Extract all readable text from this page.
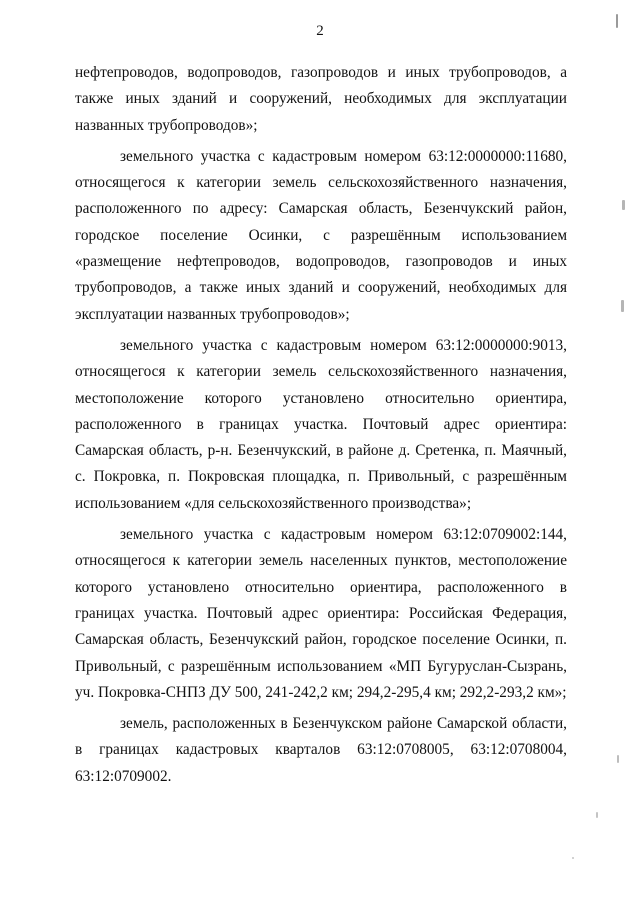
2

нефтепроводов, водопроводов, газопроводов и иных трубопроводов, а также иных зданий и сооружений, необходимых для эксплуатации названных трубопроводов»;

земельного участка с кадастровым номером 63:12:0000000:11680, относящегося к категории земель сельскохозяйственного назначения, расположенного по адресу: Самарская область, Безенчукский район, городское поселение Осинки, с разрешённым использованием «размещение нефтепроводов, водопроводов, газопроводов и иных трубопроводов, а также иных зданий и сооружений, необходимых для эксплуатации названных трубопроводов»;

земельного участка с кадастровым номером 63:12:0000000:9013, относящегося к категории земель сельскохозяйственного назначения, местоположение которого установлено относительно ориентира, расположенного в границах участка. Почтовый адрес ориентира: Самарская область, р-н. Безенчукский, в районе д. Сретенка, п. Маячный, с. Покровка, п. Покровская площадка, п. Привольный, с разрешённым использованием «для сельскохозяйственного производства»;

земельного участка с кадастровым номером 63:12:0709002:144, относящегося к категории земель населенных пунктов, местоположение которого установлено относительно ориентира, расположенного в границах участка. Почтовый адрес ориентира: Российская Федерация, Самарская область, Безенчукский район, городское поселение Осинки, п. Привольный, с разрешённым использованием «МП Бугуруслан-Сызрань, уч. Покровка-СНПЗ ДУ 500, 241-242,2 км; 294,2-295,4 км; 292,2-293,2 км»;

земель, расположенных в Безенчукском районе Самарской области, в границах кадастровых кварталов 63:12:0708005, 63:12:0708004, 63:12:0709002.
